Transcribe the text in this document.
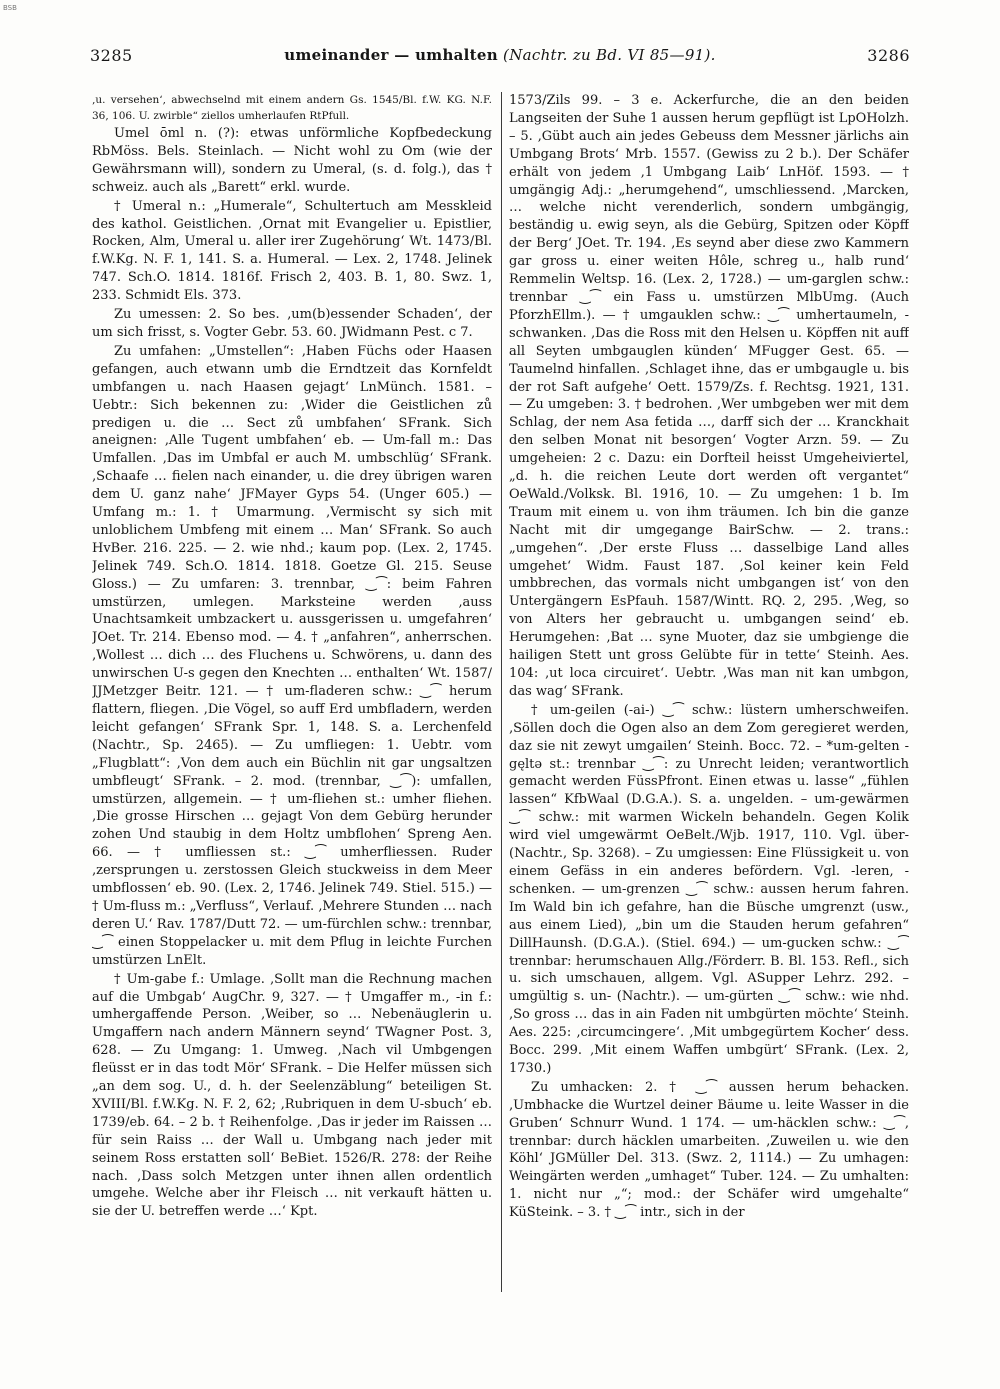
BSB
3285	umeinander — umhalten (Nachtr. zu Bd. VI 85—91).	3286

‚u. versehen‘, abwechselnd mit einem andern Gs. 1545/Bl. f.W. KG. N.F. 36, 106. U. zwirble“ ziellos umherlaufen RtPfull.

Umel ōml n. (?): etwas unförmliche Kopfbedeckung RbMöss. Bels. Steinlach. — Nicht wohl zu Om (wie der Gewährsmann will), sondern zu Umeral, (s. d. folg.), das † schweiz. auch als „Barett“ erkl. wurde.

† Umeral n.: „Humerale“, Schultertuch am Messkleid des kathol. Geistlichen. ‚Ornat mit Evangelier u. Epistlier, Rocken, Alm, Umeral u. aller irer Zugehörung‘ Wt. 1473/Bl. f.W.Kg. N. F. 1, 141. S. a. Humeral. — Lex. 2, 1748. Jelinek 747. Sch.O. 1814. 1816f. Frisch 2, 403. B. 1, 80. Swz. 1, 233. Schmidt Els. 373.

Zu umessen: 2. So bes. ‚um(b)essender Schaden‘, der um sich frisst, s. Vogter Gebr. 53. 60. JWidmann Pest. c 7.

Zu umfahen: „Umstellen“: ‚Haben Füchs oder Haasen gefangen, auch etwann umb die Erndtzeit das Kornfeldt umbfangen u. nach Haasen gejagt‘ LnMünch. 1581. – Uebtr.: Sich bekennen zu: ‚Wider die Geistlichen zů predigen u. die … Sect zů umbfahen‘ SFrank. Sich aneignen: ‚Alle Tugent umbfahen‘ eb. — Um-fall m.: Das Umfallen. ‚Das im Umbfal er auch M. umbschlüg‘ SFrank. ‚Schaafe … fielen nach einander, u. die drey übrigen waren dem U. ganz nahe‘ JFMayer Gyps 54. (Unger 605.) — Umfang m.: 1. † Umarmung. ‚Vermischt sy sich mit unloblichem Umbfeng mit einem … Man‘ SFrank. So auch HvBer. 216. 225. — 2. wie nhd.; kaum pop. (Lex. 2, 1745. Jelinek 749. Sch.O. 1814. 1818. Goetze Gl. 215. Seuse Gloss.) — Zu umfaren: 3. trennbar, ‿⁀: beim Fahren umstürzen, umlegen. Marksteine werden ‚auss Unachtsamkeit umbzackert u. aussgerissen u. umgefahren‘ JOet. Tr. 214. Ebenso mod. — 4. † „anfahren“, anherrschen. ‚Wollest … dich … des Fluchens u. Schwörens, u. dann des unwirschen U-s gegen den Knechten … enthalten‘ Wt. 1587/ JJMetzger Beitr. 121. — † um-fladeren schw.: ‿⁀ herum flattern, fliegen. ‚Die Vögel, so auff Erd umbfladern, werden leicht gefangen‘ SFrank Spr. 1, 148. S. a. Lerchenfeld (Nachtr., Sp. 2465). — Zu umfliegen: 1. Uebtr. vom „Flugblatt“: ‚Von dem auch ein Büchlin nit gar ungsaltzen umbfleugt‘ SFrank. – 2. mod. (trennbar, ‿⁀): umfallen, umstürzen, allgemein. — † um-fliehen st.: umher fliehen. ‚Die grosse Hirschen … gejagt Von dem Gebürg herunder zohen Und staubig in dem Holtz umbflohen‘ Spreng Aen. 66. — † umfliessen st.: ‿⁀ umherfliessen. Ruder ‚zersprungen u. zerstossen Gleich stuckweiss in dem Meer umbflossen‘ eb. 90. (Lex. 2, 1746. Jelinek 749. Stiel. 515.) — † Um-fluss m.: „Verfluss“, Verlauf. ‚Mehrere Stunden … nach deren U.‘ Rav. 1787/Dutt 72. — um-fürchlen schw.: trennbar, ‿⁀ einen Stoppelacker u. mit dem Pflug in leichte Furchen umstürzen LnElt.

† Um-gabe f.: Umlage. ‚Sollt man die Rechnung machen auf die Umbgab‘ AugChr. 9, 327. — † Umgaffer m., -in f.: umhergaffende Person. ‚Weiber, so … Nebenäuglerin u. Umgaffern nach andern Männern seynd‘ TWagner Post. 3, 628. — Zu Umgang: 1. Umweg. ‚Nach vil Umbgengen fleüsst er in das todt Mör‘ SFrank. – Die Helfer müssen sich „an dem sog. U., d. h. der Seelenzäblung“ beteiligen St. XVIII/Bl. f.W.Kg. N. F. 2, 62; ‚Rubriquen in dem U-sbuch‘ eb. 1739/eb. 64. – 2 b. † Reihenfolge. ‚Das ir jeder im Raissen … für sein Raiss … der Wall u. Umbgang nach jeder mit seinem Ross erstatten soll‘ BeBiet. 1526/R. 278: der Reihe nach. ‚Dass solch Metzgen unter ihnen allen ordentlich umgehe. Welche aber ihr Fleisch … nit verkauft hätten u. sie der U. betreffen werde …‘ Kpt.

1573/Zils 99. – 3 e. Ackerfurche, die an den beiden Langseiten der Suhe 1 aussen herum gepflügt ist LpOHolzh. – 5. ‚Gübt auch ain jedes Gebeuss dem Messner järlichs ain Umbgang Brots‘ Mrb. 1557. (Gewiss zu 2 b.). Der Schäfer erhält von jedem ‚1 Umbgang Laib‘ LnHöf. 1593. — † umgängig Adj.: „herumgehend“, umschliessend. ‚Marcken, … welche nicht verenderlich, sondern umbgängig, beständig u. ewig seyn, als die Gebürg, Spitzen oder Köpff der Berg‘ JOet. Tr. 194. ‚Es seynd aber diese zwo Kammern gar gross u. einer weiten Hôle, schreg u., halb rund‘ Remmelin Weltsp. 16. (Lex. 2, 1728.) — um-garglen schw.: trennbar ‿⁀ ein Fass u. umstürzen MlbUmg. (Auch PforzhEllm.). — † umgauklen schw.: ‿⁀ umhertaumeln, -schwanken. ‚Das die Ross mit den Helsen u. Köpffen nit auff all Seyten umbgauglen künden‘ MFugger Gest. 65. — Taumelnd hinfallen. ‚Schlaget ihne, das er umbgaugle u. bis der rot Saft aufgehe‘ Oett. 1579/Zs. f. Rechtsg. 1921, 131. — Zu umgeben: 3. † bedrohen. ‚Wer umbgeben wer mit dem Schlag, der nem Asa fetida …, darff sich der … Kranckhait den selben Monat nit besorgen‘ Vogter Arzn. 59. — Zu umgeheien: 2 c. Dazu: ein Dorfteil heisst Umgeheiviertel, „d. h. die reichen Leute dort werden oft vergantet“ OeWald./Volksk. Bl. 1916, 10. — Zu umgehen: 1 b. Im Traum mit einem u. von ihm träumen. Ich bin die ganze Nacht mit dir umgegange BairSchw. — 2. trans.: „umgehen“. ‚Der erste Fluss … dasselbige Land alles umgehet‘ Widm. Faust 187. ‚Sol keiner kein Feld umbbrechen, das vormals nicht umbgangen ist‘ von den Untergängern EsPfauh. 1587/Wintt. RQ. 2, 295. ‚Weg, so von Alters her gebraucht u. umbgangen seind‘ eb. Herumgehen: ‚Bat … syne Muoter, daz sie umbgienge die hailigen Stett unt gross Gelübte für in tette‘ Steinh. Aes. 104: ‚ut loca circuiret‘. Uebtr. ‚Was man nit kan umbgon, das wag‘ SFrank.

† um-geilen (-ai-) ‿⁀ schw.: lüstern umherschweifen. ‚Söllen doch die Ogen also an dem Zom geregieret werden, daz sie nit zewyt umgailen‘ Steinh. Bocc. 72. – *um-gelten -gęltə st.: trennbar ‿⁀: zu Unrecht leiden; verantwortlich gemacht werden FüssPfront. Einen etwas u. lasse“ „fühlen lassen“ KfbWaal (D.G.A.). S. a. ungelden. – um-gewärmen ‿⁀ schw.: mit warmen Wickeln behandeln. Gegen Kolik wird viel umgewärmt OeBelt./Wjb. 1917, 110. Vgl. über- (Nachtr., Sp. 3268). – Zu umgiessen: Eine Flüssigkeit u. von einem Gefäss in ein anderes befördern. Vgl. -leren, -schenken. — um-grenzen ‿⁀ schw.: aussen herum fahren. Im Wald bin ich gefahre, han die Büsche umgrenzt (usw., aus einem Lied), „bin um die Stauden herum gefahren“ DillHaunsh. (D.G.A.). (Stiel. 694.) — um-gucken schw.: ‿⁀ trennbar: herumschauen Allg./Förderr. B. Bl. 153. Refl., sich u. sich umschauen, allgem. Vgl. ASupper Lehrz. 292. – umgültig s. un- (Nachtr.). — um-gürten ‿⁀ schw.: wie nhd. ‚So gross … das in ain Faden nit umbgürten möchte‘ Steinh. Aes. 225: ‚circumcingere‘. ‚Mit umbgegürtem Kocher‘ dess. Bocc. 299. ‚Mit einem Waffen umbgürt‘ SFrank. (Lex. 2, 1730.)

Zu umhacken: 2. † ‿⁀ aussen herum behacken. ‚Umbhacke die Wurtzel deiner Bäume u. leite Wasser in die Gruben‘ Schnurr Wund. 1 174. — um-häcklen schw.: ‿⁀, trennbar: durch häcklen umarbeiten. ‚Zuweilen u. wie den Köhl‘ JGMüller Del. 313. (Swz. 2, 1114.) — Zu umhagen: Weingärten werden „umhaget“ Tuber. 124. — Zu umhalten: 1. nicht nur „“; mod.: der Schäfer wird umgehalte“ KüSteink. – 3. † ‿⁀ intr., sich in der
